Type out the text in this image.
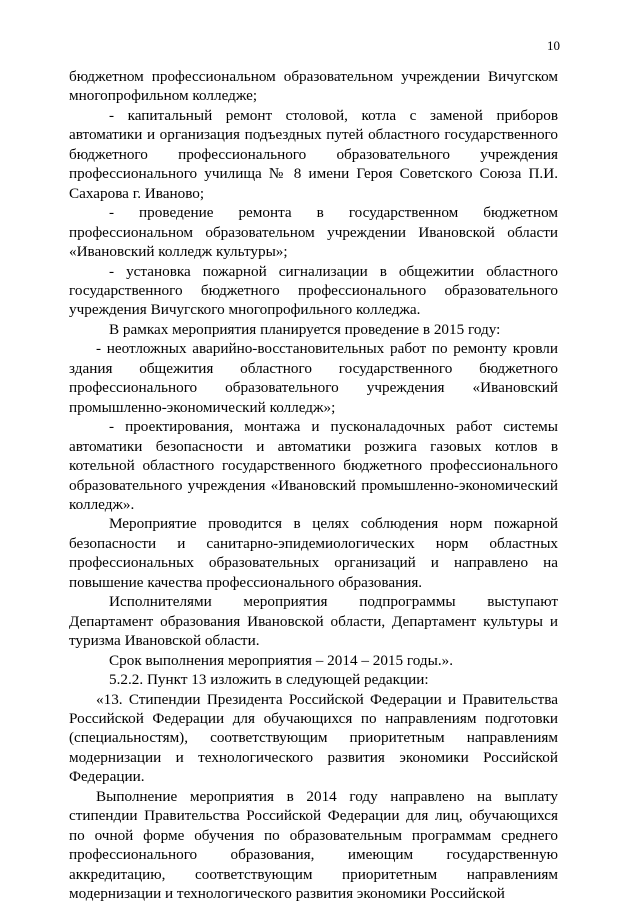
10

бюджетном профессиональном образовательном учреждении Вичугском многопрофильном колледже;

- капитальный ремонт столовой, котла с заменой приборов автоматики и организация подъездных путей областного государственного бюджетного профессионального образовательного учреждения профессионального училища № 8 имени Героя Советского Союза П.И. Сахарова г. Иваново;

- проведение ремонта в государственном бюджетном профессиональном образовательном учреждении Ивановской области «Ивановский колледж культуры»;

- установка пожарной сигнализации в общежитии областного государственного бюджетного профессионального образовательного учреждения Вичугского многопрофильного колледжа.

В рамках мероприятия планируется проведение в 2015 году:

- неотложных аварийно-восстановительных работ по ремонту кровли здания общежития областного государственного бюджетного профессионального образовательного учреждения «Ивановский промышленно-экономический колледж»;

- проектирования, монтажа и пусконаладочных работ системы автоматики безопасности и автоматики розжига газовых котлов в котельной областного государственного бюджетного профессионального образовательного учреждения «Ивановский промышленно-экономический колледж».

Мероприятие проводится в целях соблюдения норм пожарной безопасности и санитарно-эпидемиологических норм областных профессиональных образовательных организаций и направлено на повышение качества профессионального образования.

Исполнителями мероприятия подпрограммы выступают Департамент образования Ивановской области, Департамент культуры и туризма Ивановской области.

Срок выполнения мероприятия – 2014 – 2015 годы.».

5.2.2. Пункт 13 изложить в следующей редакции:

«13. Стипендии Президента Российской Федерации и Правительства Российской Федерации для обучающихся по направлениям подготовки (специальностям), соответствующим приоритетным направлениям модернизации и технологического развития экономики Российской Федерации.

Выполнение мероприятия в 2014 году направлено на выплату стипендии Правительства Российской Федерации для лиц, обучающихся по очной форме обучения по образовательным программам среднего профессионального образования, имеющим государственную аккредитацию, соответствующим приоритетным направлениям модернизации и технологического развития экономики Российской
